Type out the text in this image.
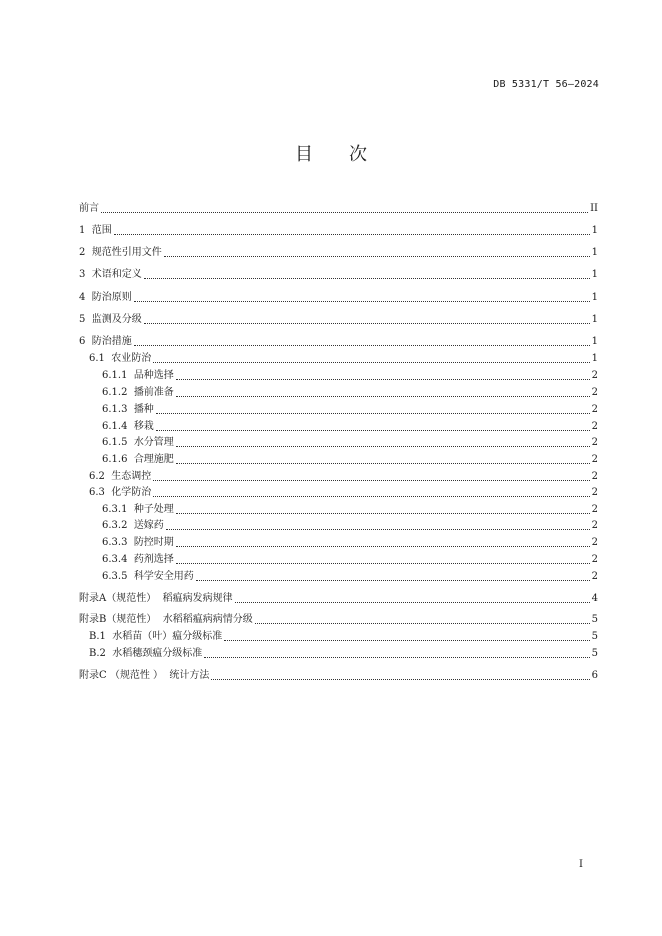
DB 5331/T 56—2024
目 次
前言	II
1 范围	1
2 规范性引用文件	1
3 术语和定义	1
4 防治原则	1
5 监测及分级	1
6 防治措施	1
6.1 农业防治	1
6.1.1 品种选择	2
6.1.2 播前准备	2
6.1.3 播种	2
6.1.4 移栽	2
6.1.5 水分管理	2
6.1.6 合理施肥	2
6.2 生态调控	2
6.3 化学防治	2
6.3.1 种子处理	2
6.3.2 送嫁药	2
6.3.3 防控时期	2
6.3.4 药剂选择	2
6.3.5 科学安全用药	2
附录A（规范性）  稻瘟病发病规律	4
附录B（规范性）  水稻稻瘟病病情分级	5
B.1 水稻苗（叶）瘟分级标准	5
B.2 水稻穗颈瘟分级标准	5
附录C （规范性 ）  统计方法	6
I
